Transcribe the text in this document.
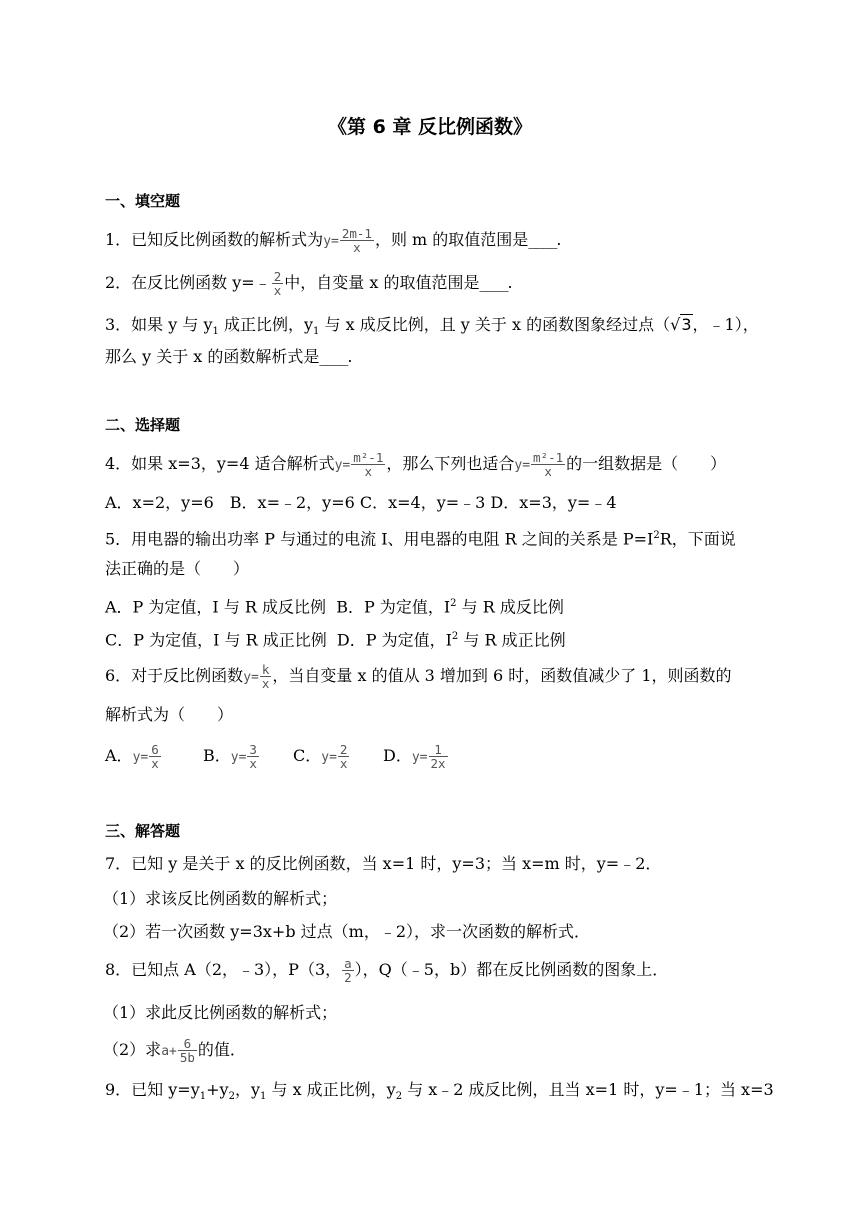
《第 6 章 反比例函数》
一、填空题
1．已知反比例函数的解析式为$y= \frac{2m-1}{x}$ ，则 m 的取值范围是____.
2．在反比例函数 y=﹣ $\frac{2}{x}$ 中，自变量 x 的取值范围是____.
3．如果 y 与 $y_1$ 成正比例，$y_1$ 与 x 成反比例，且 y 关于 x 的函数图象经过点（√3，﹣1），
那么 y 关于 x 的函数解析式是____.
二、选择题
4．如果 x=3，y=4 适合解析式$y= \frac{\text{m²-1}}{x}$ ，那么下列也适合$y= \frac{\text{m²-1}}{x}$ 的一组数据是（　　）
A．x=2，y=6　B．x=﹣2，y=6 C．x=4，y=﹣3 D．x=3，y=﹣4
5．用电器的输出功率 P 与通过的电流 I、用电器的电阻 R 之间的关系是 $P=I^2R$，下面说
法正确的是（　　）
A．P 为定值，I 与 R 成反比例 B．P 为定值，$I^2$ 与 R 成反比例
C．P 为定值，I 与 R 成正比例 D．P 为定值，$I^2$ 与 R 成正比例
6．对于反比例函数$y= \frac{k}{x}$ ，当自变量 x 的值从 3 增加到 6 时，函数值减少了 1，则函数的
解析式为（　　）
A．$y= \frac{6}{x}$	B．$y= \frac{3}{x}$ C．$y= \frac{2}{x}$ D．$y= \frac{1}{2x}$
三、解答题
7．已知 y 是关于 x 的反比例函数，当 x=1 时，y=3；当 x=m 时，y=﹣2．
（1）求该反比例函数的解析式；
（2）若一次函数 y=3x+b 过点（m，﹣2），求一次函数的解析式．
8．已知点 A（2，﹣3），P（3， $\frac{a}{2}$ ），Q（﹣5，b）都在反比例函数的图象上．
（1）求此反比例函数的解析式；
（2）求$a+ \frac{6}{5b}$ 的值．
9．已知 $y=y_1+y_2$，$y_1$ 与 x 成正比例，$y_2$ 与 x﹣2 成反比例，且当 x=1 时，y=﹣1；当 x=3
